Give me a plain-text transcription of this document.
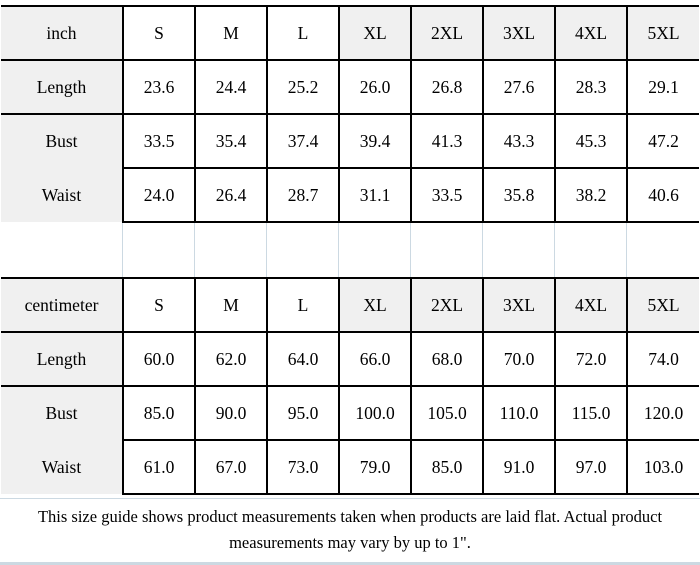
inch	S	M	L	XL	2XL	3XL	4XL	5XL
Length	23.6	24.4	25.2	26.0	26.8	27.6	28.3	29.1
Bust	33.5	35.4	37.4	39.4	41.3	43.3	45.3	47.2
Waist	24.0	26.4	28.7	31.1	33.5	35.8	38.2	40.6
centimeter	S	M	L	XL	2XL	3XL	4XL	5XL
Length	60.0	62.0	64.0	66.0	68.0	70.0	72.0	74.0
Bust	85.0	90.0	95.0	100.0	105.0	110.0	115.0	120.0
Waist	61.0	67.0	73.0	79.0	85.0	91.0	97.0	103.0
This size guide shows product measurements taken when products are laid flat. Actual product
measurements may vary by up to 1".
